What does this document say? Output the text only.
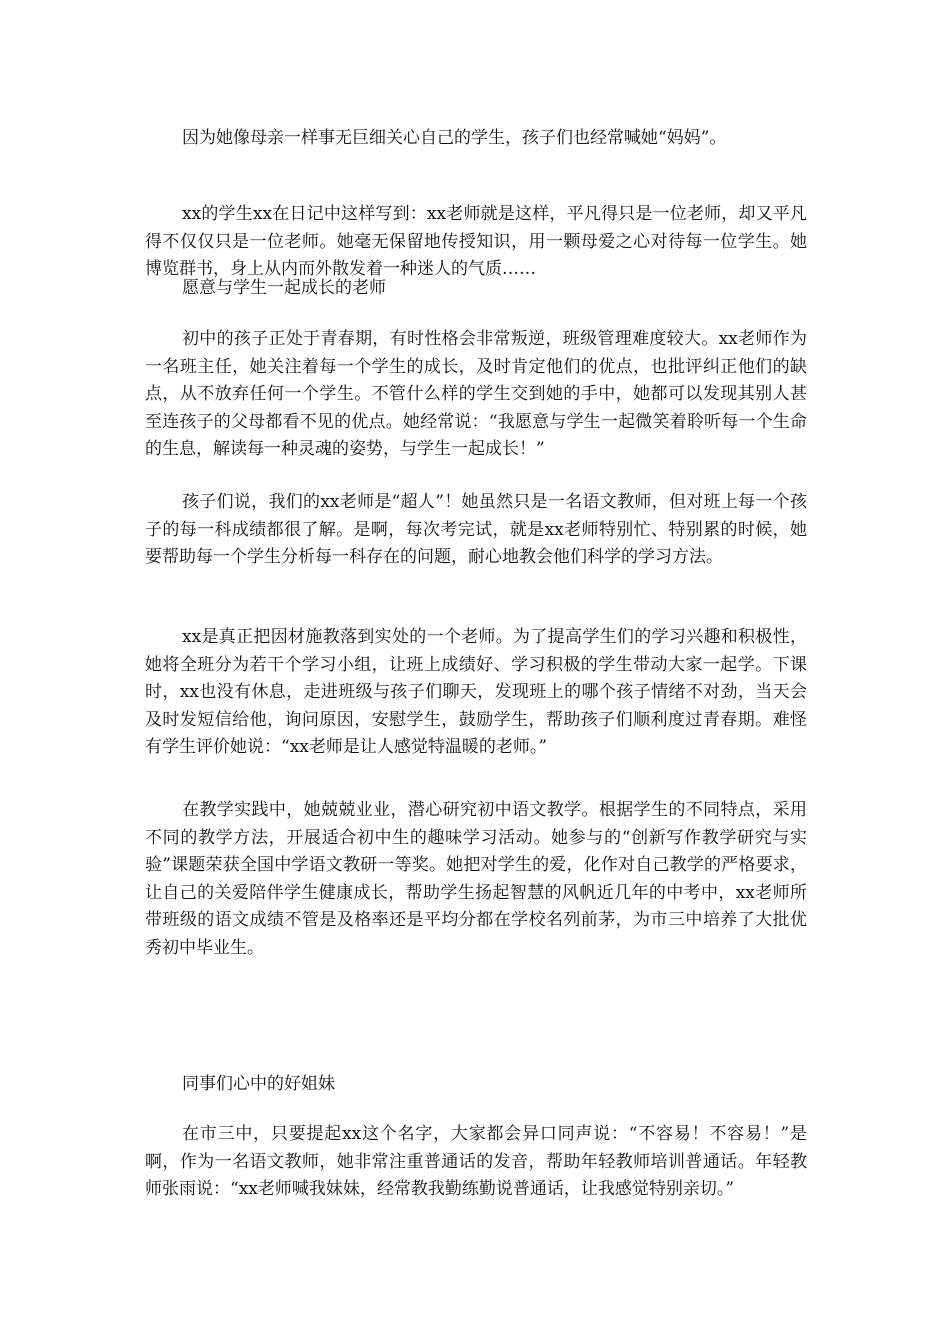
因为她像母亲一样事无巨细关心自己的学生，孩子们也经常喊她“妈妈”。

xx的学生xx在日记中这样写到：xx老师就是这样，平凡得只是一位老师，却又平凡得不仅仅只是一位老师。她毫无保留地传授知识，用一颗母爱之心对待每一位学生。她博览群书，身上从内而外散发着一种迷人的气质……

愿意与学生一起成长的老师

初中的孩子正处于青春期，有时性格会非常叛逆，班级管理难度较大。xx老师作为一名班主任，她关注着每一个学生的成长，及时肯定他们的优点，也批评纠正他们的缺点，从不放弃任何一个学生。不管什么样的学生交到她的手中，她都可以发现其别人甚至连孩子的父母都看不见的优点。她经常说：“我愿意与学生一起微笑着聆听每一个生命的生息，解读每一种灵魂的姿势，与学生一起成长！”

孩子们说，我们的xx老师是“超人”！她虽然只是一名语文教师，但对班上每一个孩子的每一科成绩都很了解。是啊，每次考完试，就是xx老师特别忙、特别累的时候，她要帮助每一个学生分析每一科存在的问题，耐心地教会他们科学的学习方法。

xx是真正把因材施教落到实处的一个老师。为了提高学生们的学习兴趣和积极性，她将全班分为若干个学习小组，让班上成绩好、学习积极的学生带动大家一起学。下课时，xx也没有休息，走进班级与孩子们聊天，发现班上的哪个孩子情绪不对劲，当天会及时发短信给他，询问原因，安慰学生，鼓励学生，帮助孩子们顺利度过青春期。难怪有学生评价她说：“xx老师是让人感觉特温暖的老师。”

在教学实践中，她兢兢业业，潜心研究初中语文教学。根据学生的不同特点，采用不同的教学方法，开展适合初中生的趣味学习活动。她参与的“创新写作教学研究与实验”课题荣获全国中学语文教研一等奖。她把对学生的爱，化作对自己教学的严格要求，让自己的关爱陪伴学生健康成长，帮助学生扬起智慧的风帆近几年的中考中，xx老师所带班级的语文成绩不管是及格率还是平均分都在学校名列前茅，为市三中培养了大批优秀初中毕业生。

同事们心中的好姐妹

在市三中，只要提起xx这个名字，大家都会异口同声说：“不容易！不容易！”是啊，作为一名语文教师，她非常注重普通话的发音，帮助年轻教师培训普通话。年轻教师张雨说：“xx老师喊我妹妹，经常教我勤练勤说普通话，让我感觉特别亲切。”
